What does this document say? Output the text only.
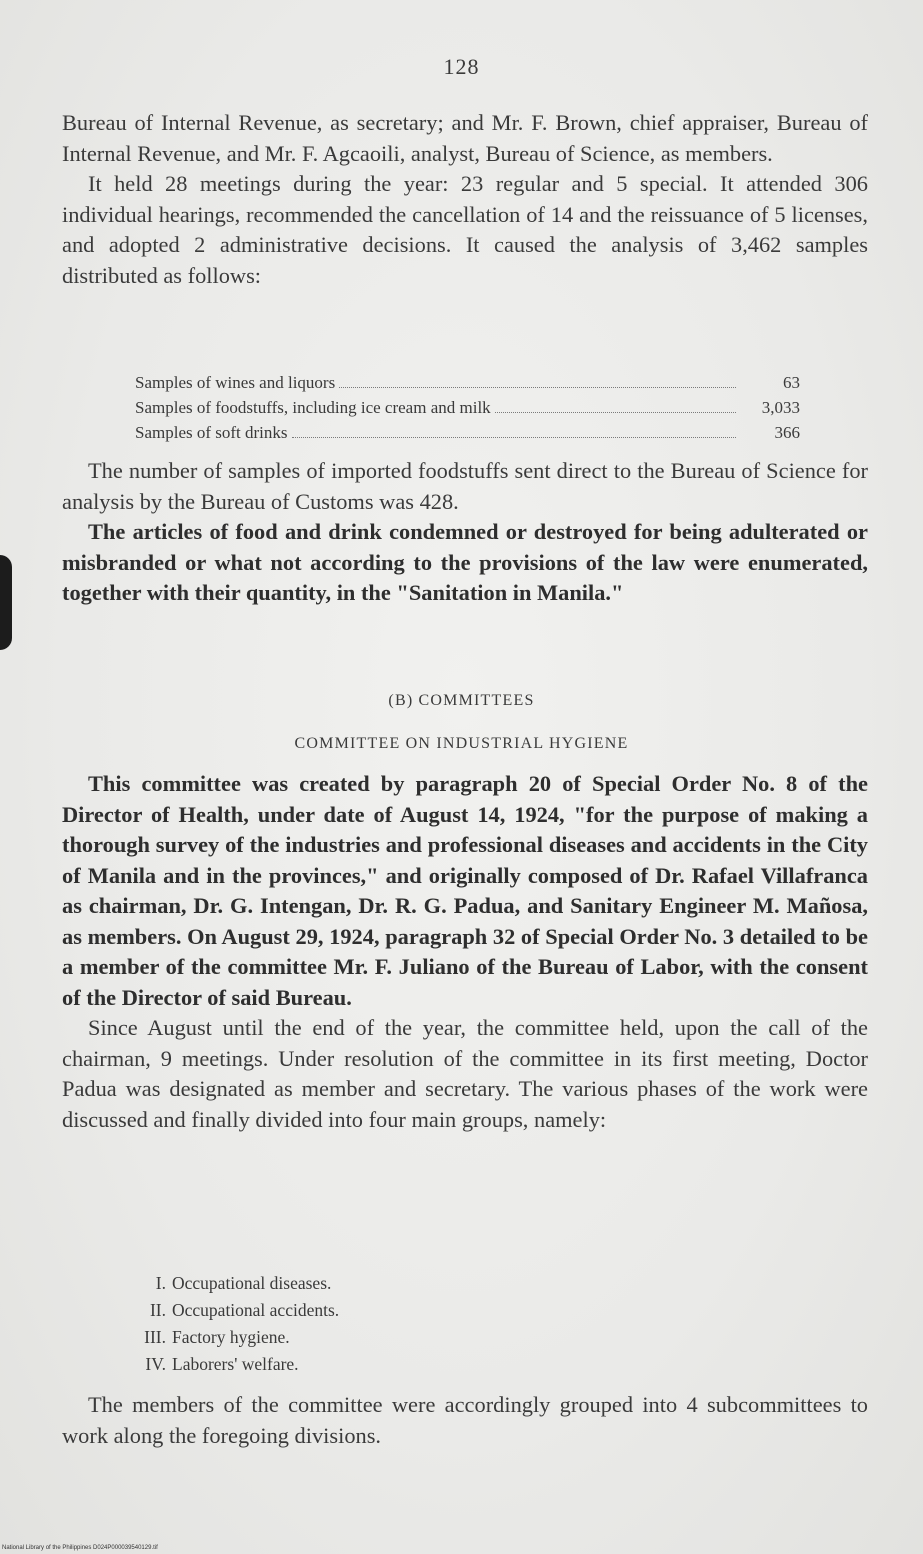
128

Bureau of Internal Revenue, as secretary; and Mr. F. Brown, chief appraiser, Bureau of Internal Revenue, and Mr. F. Agcaoili, analyst, Bureau of Science, as members.

It held 28 meetings during the year: 23 regular and 5 special. It attended 306 individual hearings, recommended the cancellation of 14 and the reissuance of 5 licenses, and adopted 2 administrative decisions. It caused the analysis of 3,462 samples distributed as follows:

Samples of wines and liquors	63
Samples of foodstuffs, including ice cream and milk	3,033
Samples of soft drinks	366

The number of samples of imported foodstuffs sent direct to the Bureau of Science for analysis by the Bureau of Customs was 428.

The articles of food and drink condemned or destroyed for being adulterated or misbranded or what not according to the provisions of the law were enumerated, together with their quantity, in the "Sanitation in Manila."

(B) COMMITTEES
COMMITTEE ON INDUSTRIAL HYGIENE

This committee was created by paragraph 20 of Special Order No. 8 of the Director of Health, under date of August 14, 1924, "for the purpose of making a thorough survey of the industries and professional diseases and accidents in the City of Manila and in the provinces," and originally composed of Dr. Rafael Villafranca as chairman, Dr. G. Intengan, Dr. R. G. Padua, and Sanitary Engineer M. Mañosa, as members. On August 29, 1924, paragraph 32 of Special Order No. 3 detailed to be a member of the committee Mr. F. Juliano of the Bureau of Labor, with the consent of the Director of said Bureau.

Since August until the end of the year, the committee held, upon the call of the chairman, 9 meetings. Under resolution of the committee in its first meeting, Doctor Padua was designated as member and secretary. The various phases of the work were discussed and finally divided into four main groups, namely:

I. Occupational diseases.
II. Occupational accidents.
III. Factory hygiene.
IV. Laborers' welfare.

The members of the committee were accordingly grouped into 4 subcommittees to work along the foregoing divisions.

National Library of the Philippines D024P000039540129.tif
